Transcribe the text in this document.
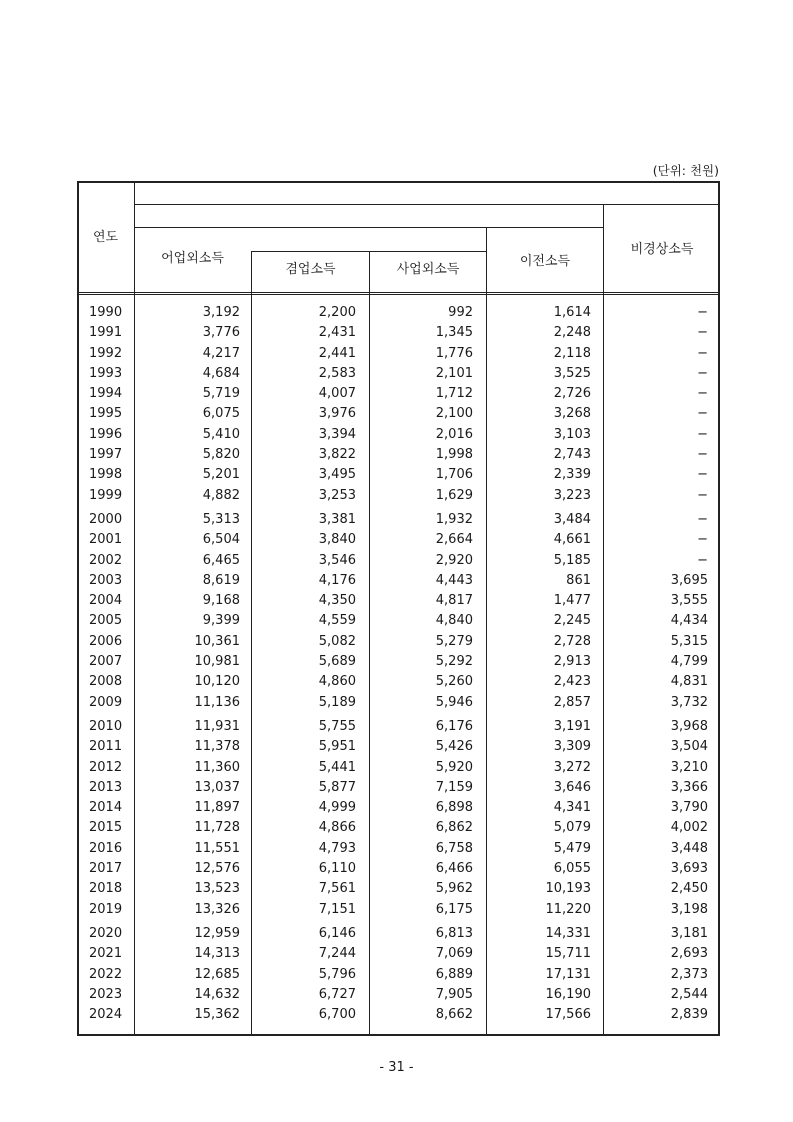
(단위: 천원)
연도
어업외소득
겸업소득	사업외소득
이전소득
비경상소득
1990	3,192	2,200	992	1,614	−
1991	3,776	2,431	1,345	2,248	−
1992	4,217	2,441	1,776	2,118	−
1993	4,684	2,583	2,101	3,525	−
1994	5,719	4,007	1,712	2,726	−
1995	6,075	3,976	2,100	3,268	−
1996	5,410	3,394	2,016	3,103	−
1997	5,820	3,822	1,998	2,743	−
1998	5,201	3,495	1,706	2,339	−
1999	4,882	3,253	1,629	3,223	−
2000	5,313	3,381	1,932	3,484	−
2001	6,504	3,840	2,664	4,661	−
2002	6,465	3,546	2,920	5,185	−
2003	8,619	4,176	4,443	861	3,695
2004	9,168	4,350	4,817	1,477	3,555
2005	9,399	4,559	4,840	2,245	4,434
2006	10,361	5,082	5,279	2,728	5,315
2007	10,981	5,689	5,292	2,913	4,799
2008	10,120	4,860	5,260	2,423	4,831
2009	11,136	5,189	5,946	2,857	3,732
2010	11,931	5,755	6,176	3,191	3,968
2011	11,378	5,951	5,426	3,309	3,504
2012	11,360	5,441	5,920	3,272	3,210
2013	13,037	5,877	7,159	3,646	3,366
2014	11,897	4,999	6,898	4,341	3,790
2015	11,728	4,866	6,862	5,079	4,002
2016	11,551	4,793	6,758	5,479	3,448
2017	12,576	6,110	6,466	6,055	3,693
2018	13,523	7,561	5,962	10,193	2,450
2019	13,326	7,151	6,175	11,220	3,198
2020	12,959	6,146	6,813	14,331	3,181
2021	14,313	7,244	7,069	15,711	2,693
2022	12,685	5,796	6,889	17,131	2,373
2023	14,632	6,727	7,905	16,190	2,544
2024	15,362	6,700	8,662	17,566	2,839
- 31 -
